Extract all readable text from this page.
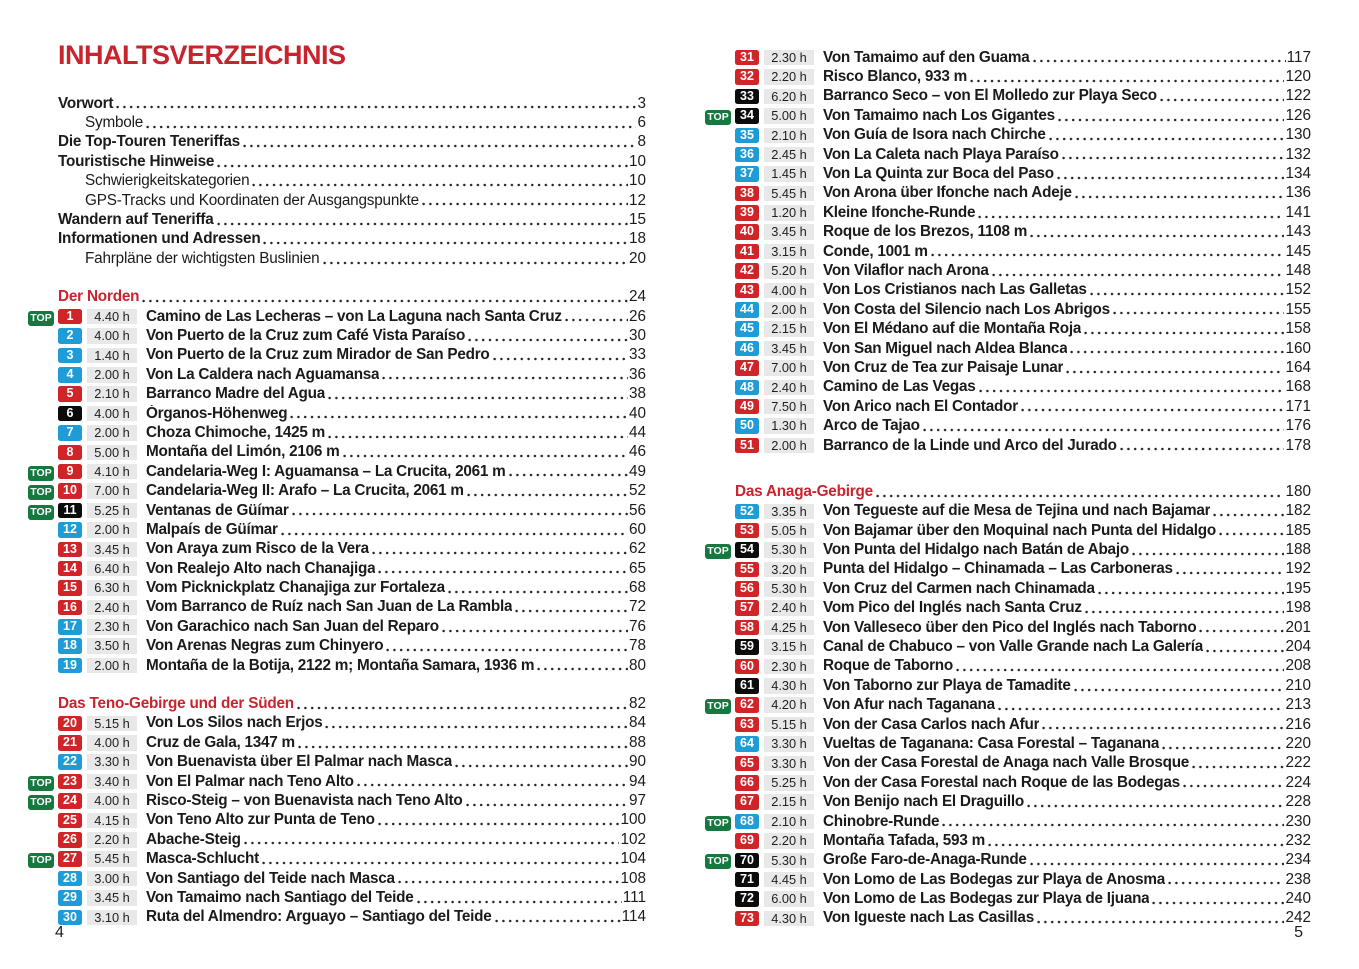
INHALTSVERZEICHNIS
Vorwort	3
Symbole	6
Die Top-Touren Teneriffas	8
Touristische Hinweise	10
Schwierigkeitskategorien	10
GPS-Tracks und Koordinaten der Ausgangspunkte	12
Wandern auf Teneriffa	15
Informationen und Adressen	18
Fahrpläne der wichtigsten Buslinien	20
Der Norden	24
TOP	1	4.40 h	Camino de Las Lecheras – von La Laguna nach Santa Cruz	26
2	4.00 h	Von Puerto de la Cruz zum Café Vista Paraíso	30
3	1.40 h	Von Puerto de la Cruz zum Mirador de San Pedro	33
4	2.00 h	Von La Caldera nach Aguamansa	36
5	2.10 h	Barranco Madre del Agua	38
6	4.00 h	Órganos-Höhenweg	40
7	2.00 h	Choza Chimoche, 1425 m	44
8	5.00 h	Montaña del Limón, 2106 m	46
TOP	9	4.10 h	Candelaria-Weg I: Aguamansa – La Crucita, 2061 m	49
TOP 10	7.00 h	Candelaria-Weg II: Arafo – La Crucita, 2061 m	52
TOP 11	5.25 h	Ventanas de Güímar	56
12	2.00 h	Malpaís de Güímar	60
13	3.45 h	Von Araya zum Risco de la Vera	62
14	6.40 h	Von Realejo Alto nach Chanajiga	65
15	6.30 h	Vom Picknickplatz Chanajiga zur Fortaleza	68
16	2.40 h	Vom Barranco de Ruíz nach San Juan de La Rambla	72
17	2.30 h	Von Garachico nach San Juan del Reparo	76
18	3.50 h	Von Arenas Negras zum Chinyero	78
19	2.00 h	Montaña de la Botija, 2122 m; Montaña Samara, 1936 m	80
Das Teno-Gebirge und der Süden	82
20	5.15 h	Von Los Silos nach Erjos	84
21	4.00 h	Cruz de Gala, 1347 m	88
22	3.30 h	Von Buenavista über El Palmar nach Masca	90
TOP 23	3.40 h	Von El Palmar nach Teno Alto	94
TOP 24	4.00 h	Risco-Steig – von Buenavista nach Teno Alto	97
25	4.15 h	Von Teno Alto zur Punta de Teno	100
26	2.20 h	Abache-Steig	102
TOP 27	5.45 h	Masca-Schlucht	104
28	3.00 h	Von Santiago del Teide nach Masca	108
29	3.45 h	Von Tamaimo nach Santiago del Teide	111
30	3.10 h	Ruta del Almendro: Arguayo – Santiago del Teide	114
31	2.30 h	Von Tamaimo auf den Guama	117
32	2.20 h	Risco Blanco, 933 m	120
33	6.20 h	Barranco Seco – von El Molledo zur Playa Seco	122
TOP 34	5.00 h	Von Tamaimo nach Los Gigantes	126
35	2.10 h	Von Guía de Isora nach Chirche	130
36	2.45 h	Von La Caleta nach Playa Paraíso	132
37	1.45 h	Von La Quinta zur Boca del Paso	134
38	5.45 h	Von Arona über Ifonche nach Adeje	136
39	1.20 h	Kleine Ifonche-Runde	141
40	3.45 h	Roque de los Brezos, 1108 m	143
41	3.15 h	Conde, 1001 m	145
42	5.20 h	Von Vilaflor nach Arona	148
43	4.00 h	Von Los Cristianos nach Las Galletas	152
44	2.00 h	Von Costa del Silencio nach Los Abrigos	155
45	2.15 h	Von El Médano auf die Montaña Roja	158
46	3.45 h	Von San Miguel nach Aldea Blanca	160
47	7.00 h	Von Cruz de Tea zur Paisaje Lunar	164
48	2.40 h	Camino de Las Vegas	168
49	7.50 h	Von Arico nach El Contador	171
50	1.30 h	Arco de Tajao	176
51	2.00 h	Barranco de la Linde und Arco del Jurado	178
Das Anaga-Gebirge	180
52	3.35 h	Von Tegueste auf die Mesa de Tejina und nach Bajamar	182
53	5.05 h	Von Bajamar über den Moquinal nach Punta del Hidalgo	185
TOP 54	5.30 h	Von Punta del Hidalgo nach Batán de Abajo	188
55	3.20 h	Punta del Hidalgo – Chinamada – Las Carboneras	192
56	5.30 h	Von Cruz del Carmen nach Chinamada	195
57	2.40 h	Vom Pico del Inglés nach Santa Cruz	198
58	4.25 h	Von Valleseco über den Pico del Inglés nach Taborno	201
59	3.15 h	Canal de Chabuco – von Valle Grande nach La Galería	204
60	2.30 h	Roque de Taborno	208
61	4.30 h	Von Taborno zur Playa de Tamadite	210
TOP 62	4.20 h	Von Afur nach Taganana	213
63	5.15 h	Von der Casa Carlos nach Afur	216
64	3.30 h	Vueltas de Taganana: Casa Forestal – Taganana	220
65	3.30 h	Von der Casa Forestal de Anaga nach Valle Brosque	222
66	5.25 h	Von der Casa Forestal nach Roque de las Bodegas	224
67	2.15 h	Von Benijo nach El Draguillo	228
TOP 68	2.10 h	Chinobre-Runde	230
69	2.20 h	Montaña Tafada, 593 m	232
TOP 70	5.30 h	Große Faro-de-Anaga-Runde	234
71	4.45 h	Von Lomo de Las Bodegas zur Playa de Anosma	238
72	6.00 h	Von Lomo de Las Bodegas zur Playa de Ijuana	240
73	4.30 h	Von Igueste nach Las Casillas	242
4	5
